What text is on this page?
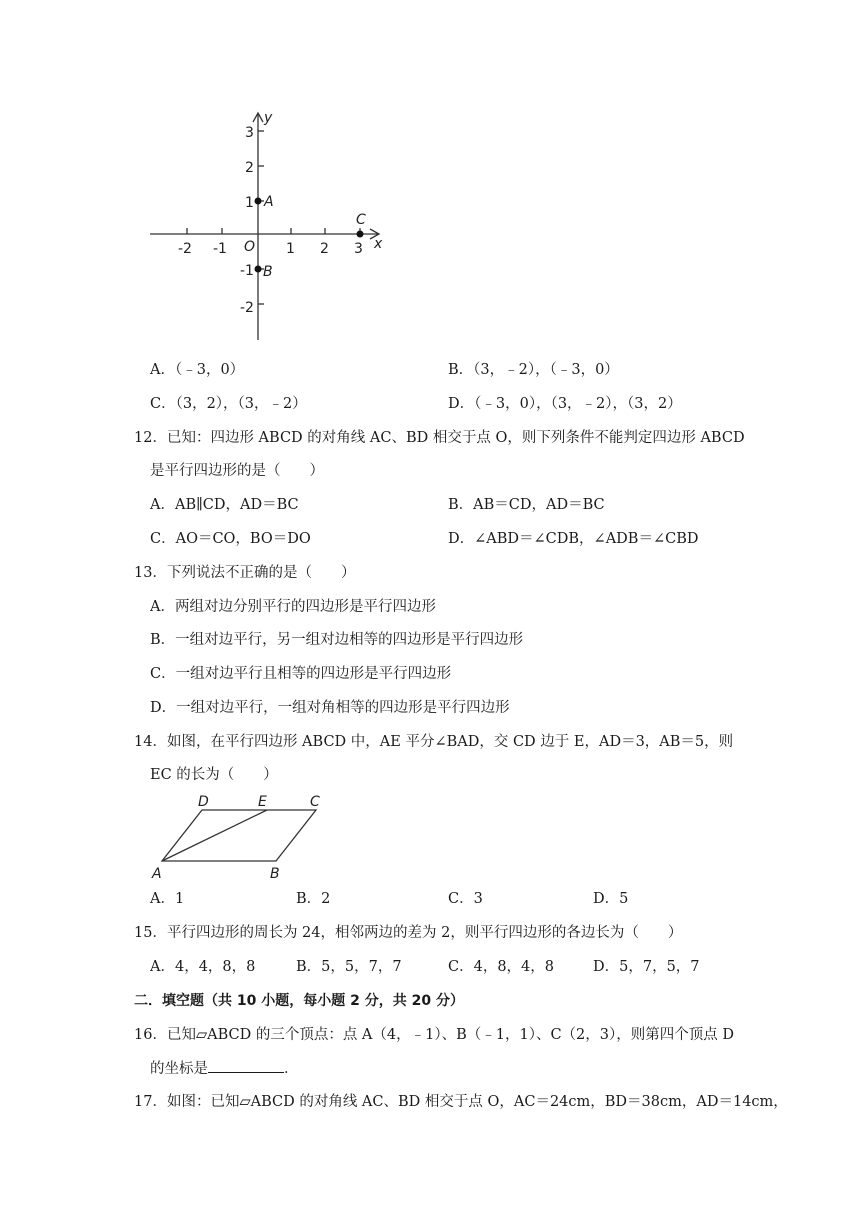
-2 -1	1 2 3
3
2
1
-1
-2
O	x
y
A
B
C
A．（﹣3，0）	B．（3，﹣2），（﹣3，0）
C．（3，2），（3，﹣2）	D．（﹣3，0），（3，﹣2），（3，2）
12．已知：四边形 ABCD 的对角线 AC、BD 相交于点 O，则下列条件不能判定四边形 ABCD
是平行四边形的是（　　）
A．AB∥CD，AD＝BC	B．AB＝CD，AD＝BC
C．AO＝CO，BO＝DO	D．∠ABD＝∠CDB，∠ADB＝∠CBD
13．下列说法不正确的是（　　）
A．两组对边分别平行的四边形是平行四边形
B．一组对边平行，另一组对边相等的四边形是平行四边形
C．一组对边平行且相等的四边形是平行四边形
D．一组对边平行，一组对角相等的四边形是平行四边形
14．如图，在平行四边形 ABCD 中，AE 平分∠BAD，交 CD 边于 E，AD＝3，AB＝5，则
EC 的长为（　　）
D	E	C
A	B
A．1	B．2	C．3	D．5
15．平行四边形的周长为 24，相邻两边的差为 2，则平行四边形的各边长为（　　）
A．4，4，8，8	B．5，5，7，7	C．4，8，4，8	D．5，7，5，7
二．填空题（共 10 小题，每小题 2 分，共 20 分）
16．已知▱ABCD 的三个顶点：点 A（4，﹣1）、B（﹣1，1）、C（2，3），则第四个顶点 D
的坐标是	．
17．如图：已知▱ABCD 的对角线 AC、BD 相交于点 O，AC＝24cm，BD＝38cm，AD＝14cm，
